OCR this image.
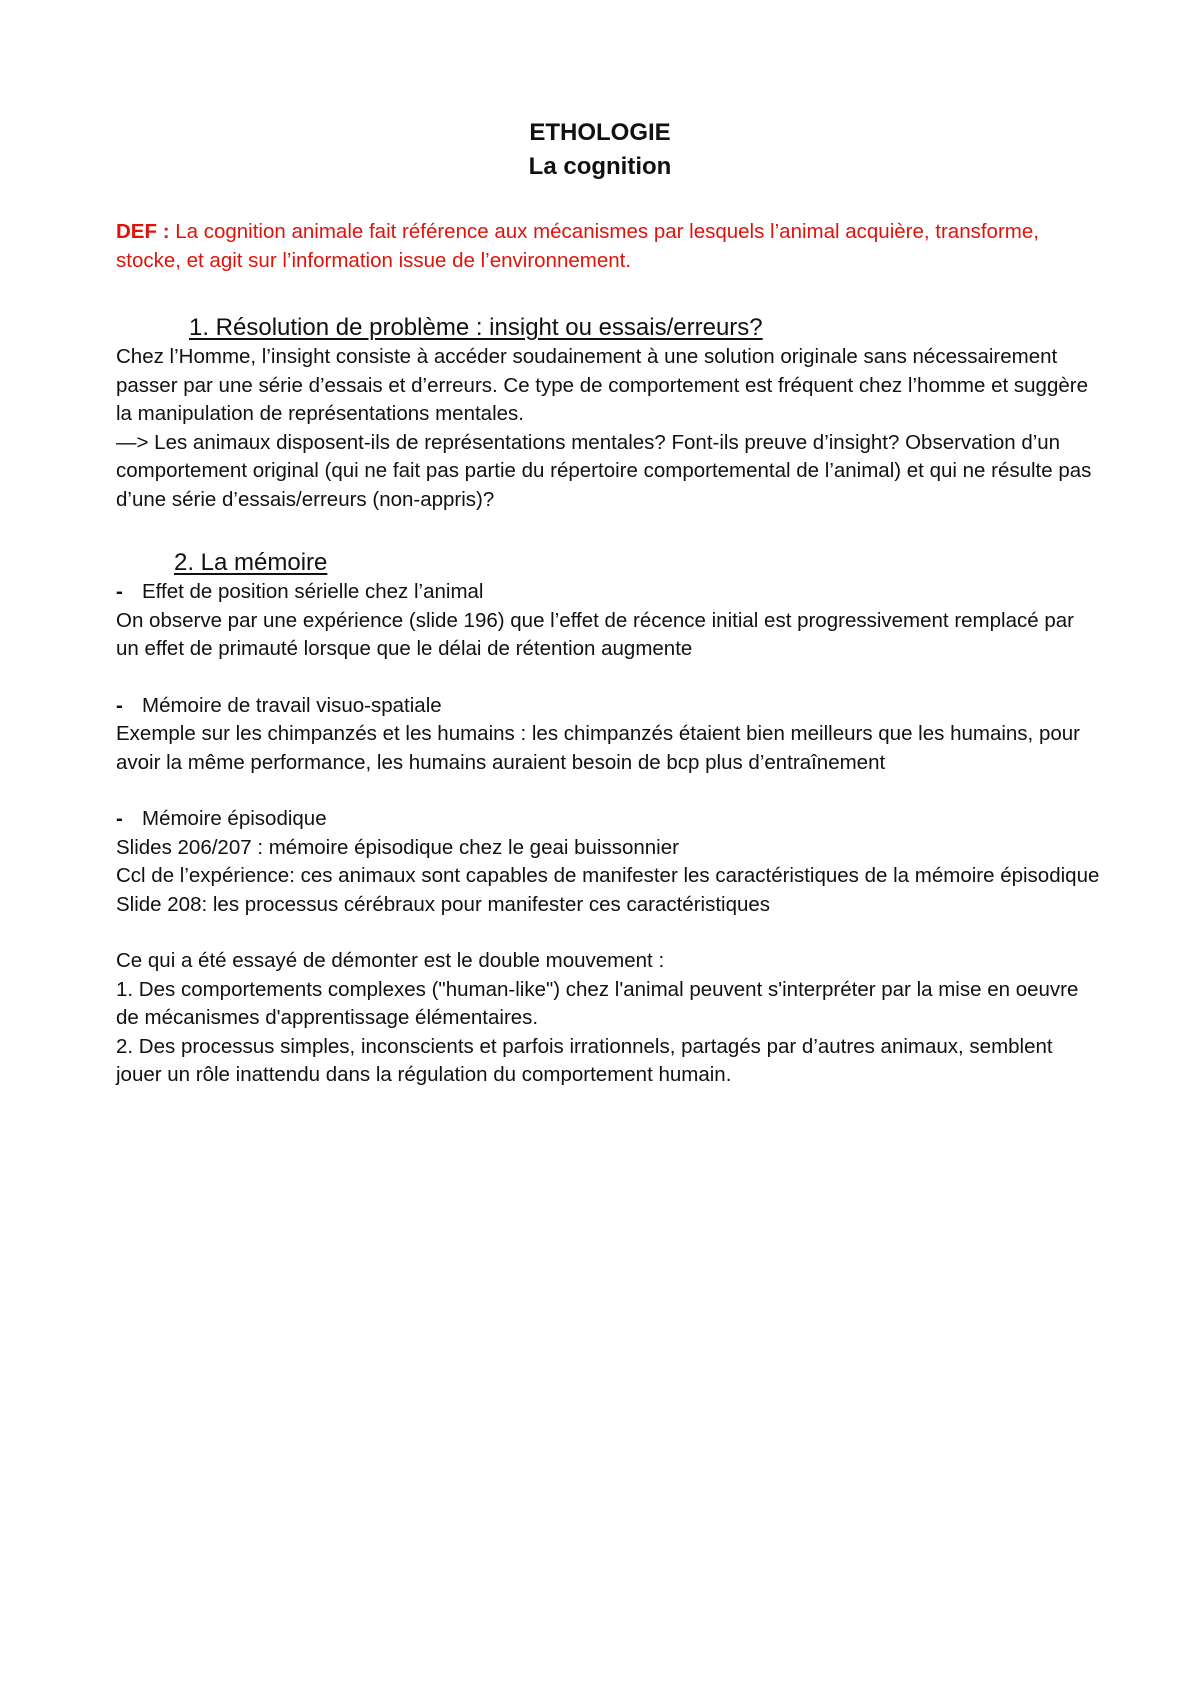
ETHOLOGIE
La cognition

DEF : La cognition animale fait référence aux mécanismes par lesquels l’animal acquière, transforme, stocke, et agit sur l’information issue de l’environnement.

1. Résolution de problème : insight ou essais/erreurs?

Chez l’Homme, l’insight consiste à accéder soudainement à une solution originale sans nécessairement passer par une série d’essais et d’erreurs. Ce type de comportement est fréquent chez l’homme et suggère la manipulation de représentations mentales.

—> Les animaux disposent-ils de représentations mentales? Font-ils preuve d’insight? Observation d’un comportement original (qui ne fait pas partie du répertoire comportemental de l’animal) et qui ne résulte pas d’une série d’essais/erreurs (non-appris)?

2. La mémoire
- Effet de position sérielle chez l’animal

On observe par une expérience (slide 196) que l’effet de récence initial est progressivement remplacé par un effet de primauté lorsque que le délai de rétention augmente

- Mémoire de travail visuo-spatiale

Exemple sur les chimpanzés et les humains : les chimpanzés étaient bien meilleurs que les humains, pour avoir la même performance, les humains auraient besoin de bcp plus d’entraînement

- Mémoire épisodique

Slides 206/207 : mémoire épisodique chez le geai buissonnier

Ccl de l’expérience: ces animaux sont capables de manifester les caractéristiques de la mémoire épisodique

Slide 208: les processus cérébraux pour manifester ces caractéristiques

Ce qui a été essayé de démonter est le double mouvement :

1. Des comportements complexes ("human-like") chez l'animal peuvent s'interpréter par la mise en oeuvre de mécanismes d'apprentissage élémentaires.

2. Des processus simples, inconscients et parfois irrationnels, partagés par d’autres animaux, semblent jouer un rôle inattendu dans la régulation du comportement humain.
